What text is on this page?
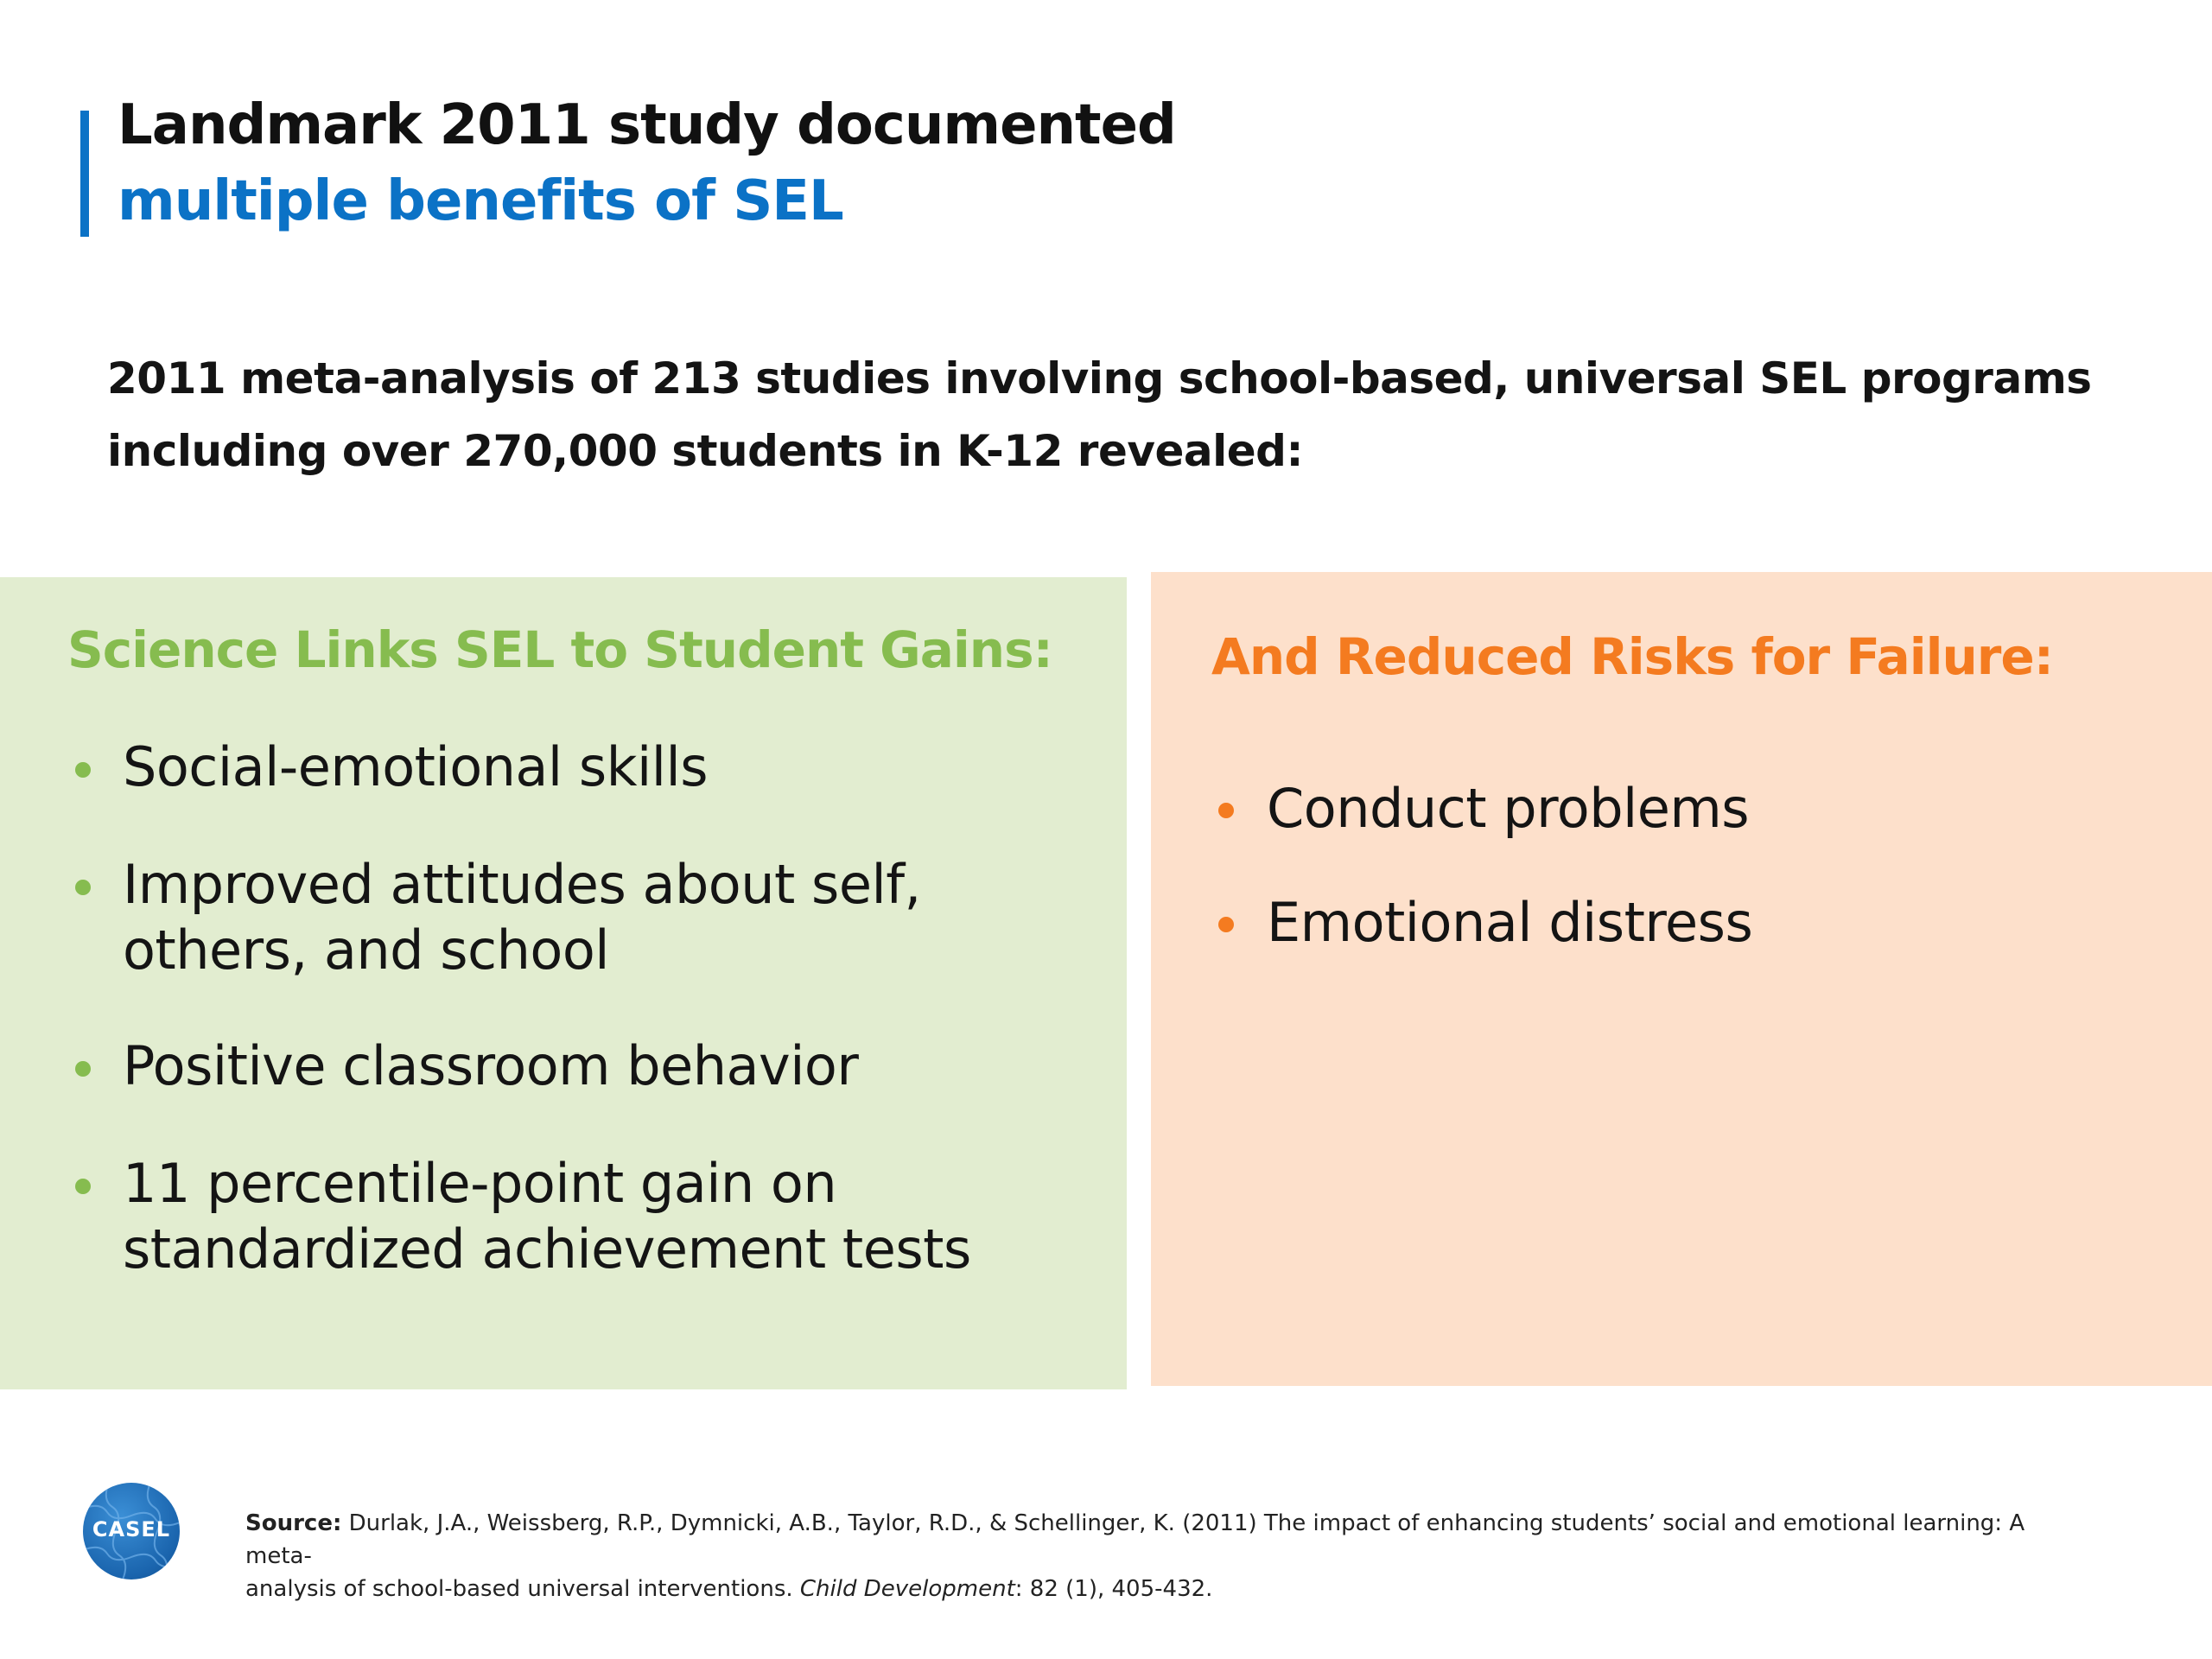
Landmark 2011 study documented
multiple benefits of SEL
2011 meta-analysis of 213 studies involving school-based, universal SEL programs
including over 270,000 students in K-12 revealed:
Science Links SEL to Student Gains:
Social-emotional skills
Improved attitudes about self,
others, and school
Positive classroom behavior
11 percentile-point gain on
standardized achievement tests
And Reduced Risks for Failure:
Conduct problems
Emotional distress
CASEL	Source: Durlak, J.A., Weissberg, R.P., Dymnicki, A.B., Taylor, R.D., & Schellinger, K. (2011) The impact of enhancing students’ social and emotional learning: A meta-
analysis of school-based universal interventions. Child Development: 82 (1), 405-432.
